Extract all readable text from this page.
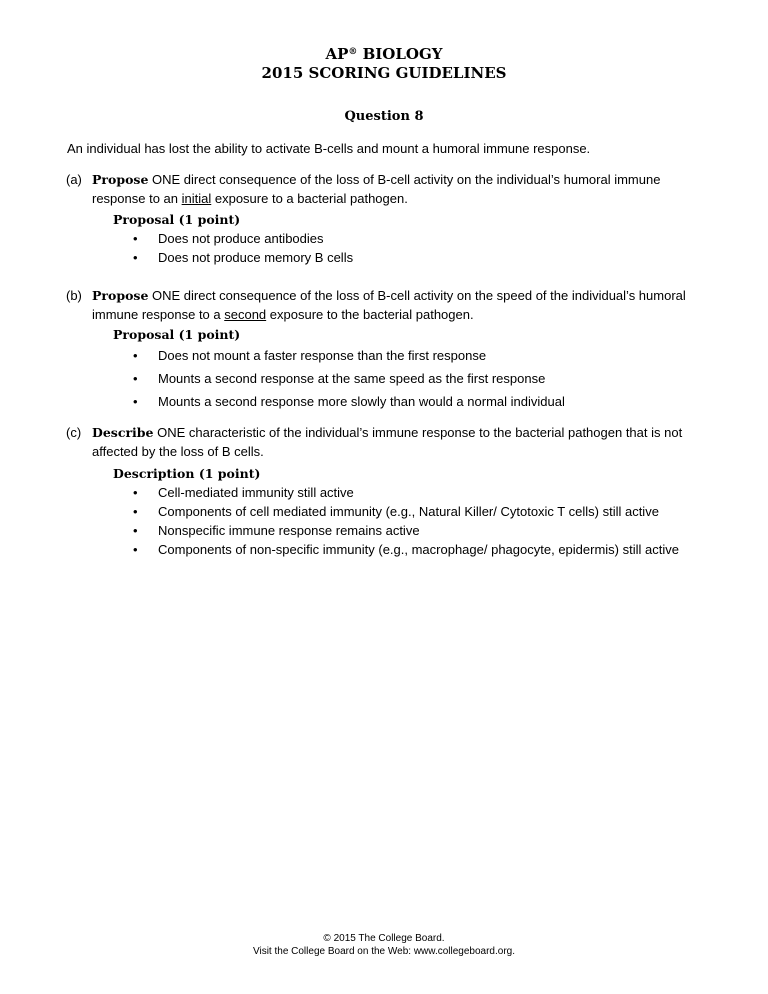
AP® BIOLOGY
2015 SCORING GUIDELINES
Question 8
An individual has lost the ability to activate B-cells and mount a humoral immune response.
(a) Propose ONE direct consequence of the loss of B-cell activity on the individual’s humoral immune response to an initial exposure to a bacterial pathogen.
Proposal (1 point)
• Does not produce antibodies
• Does not produce memory B cells
(b) Propose ONE direct consequence of the loss of B-cell activity on the speed of the individual’s humoral immune response to a second exposure to the bacterial pathogen.
Proposal (1 point)
• Does not mount a faster response than the first response
• Mounts a second response at the same speed as the first response
• Mounts a second response more slowly than would a normal individual
(c) Describe ONE characteristic of the individual’s immune response to the bacterial pathogen that is not affected by the loss of B cells.
Description (1 point)
• Cell-mediated immunity still active
• Components of cell mediated immunity (e.g., Natural Killer/ Cytotoxic T cells) still active
• Nonspecific immune response remains active
• Components of non-specific immunity (e.g., macrophage/ phagocyte, epidermis) still active
© 2015 The College Board.
Visit the College Board on the Web: www.collegeboard.org.
